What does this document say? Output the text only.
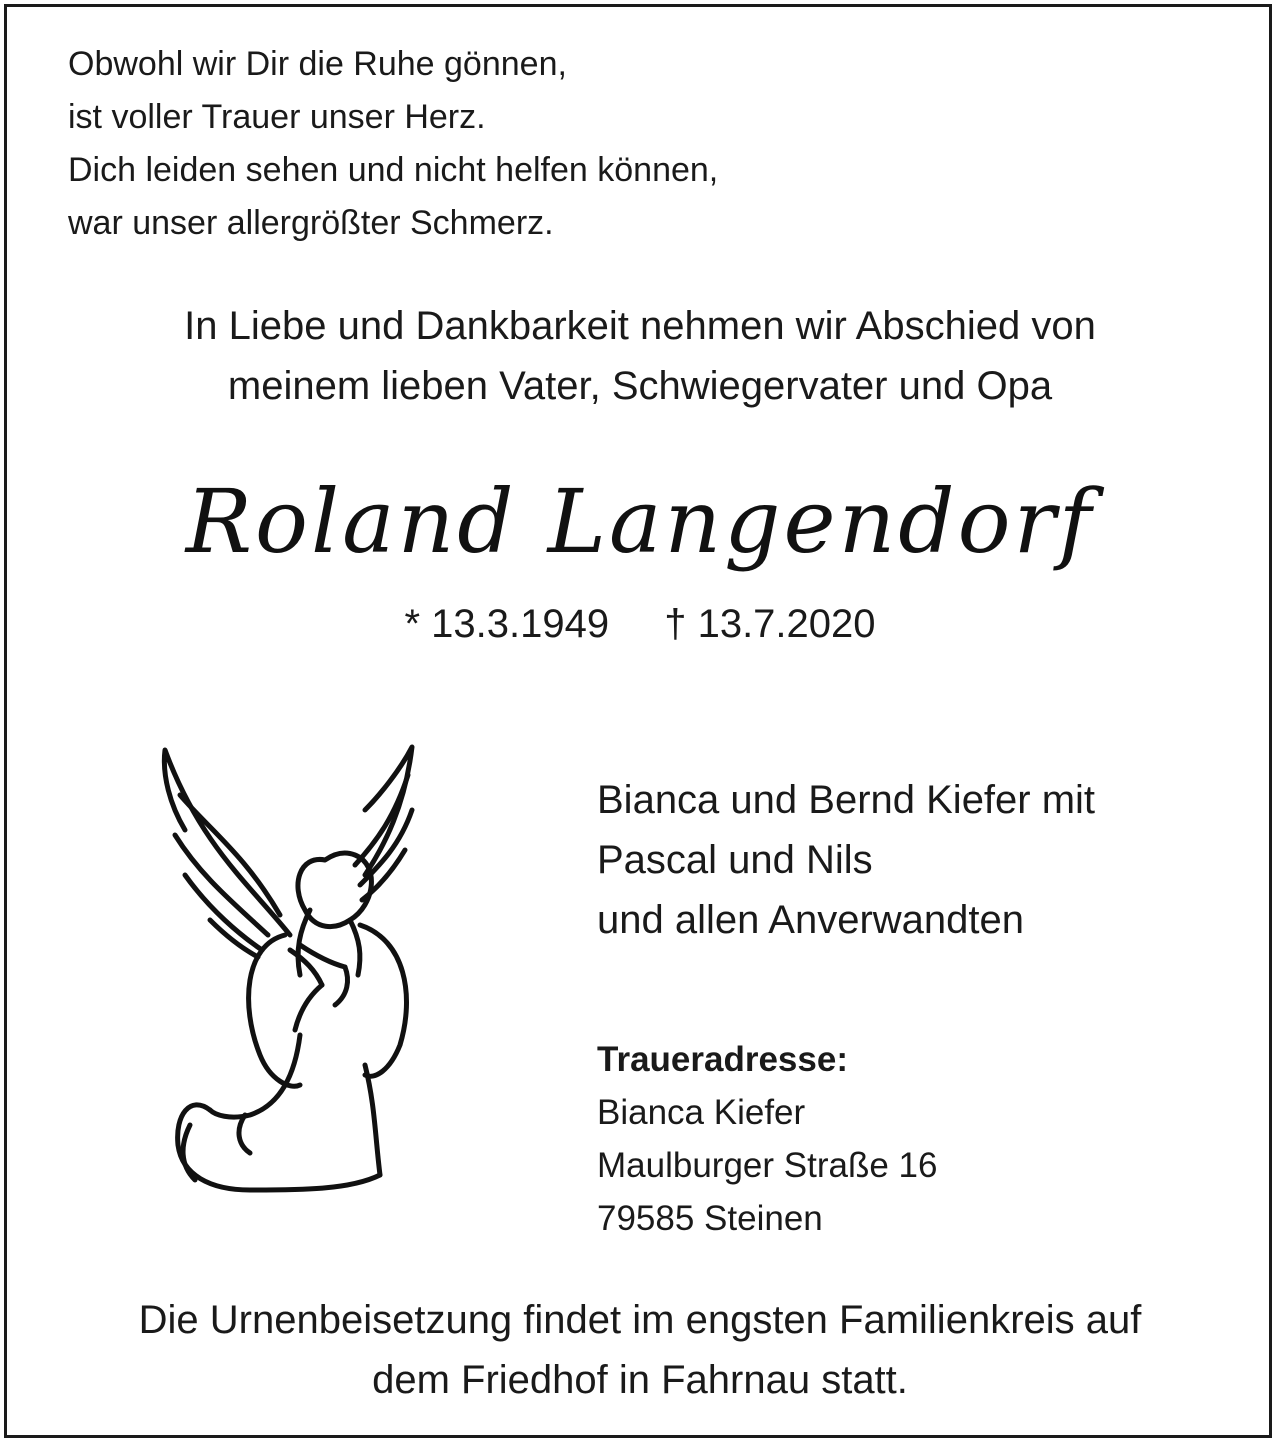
Obwohl wir Dir die Ruhe gönnen,
ist voller Trauer unser Herz.
Dich leiden sehen und nicht helfen können,
war unser allergrößter Schmerz.
In Liebe und Dankbarkeit nehmen wir Abschied von
meinem lieben Vater, Schwiegervater und Opa
Roland Langendorf
* 13.3.1949 † 13.7.2020
Bianca und Bernd Kiefer mit
Pascal und Nils
und allen Anverwandten
Traueradresse:
Bianca Kiefer
Maulburger Straße 16
79585 Steinen
Die Urnenbeisetzung findet im engsten Familienkreis auf
dem Friedhof in Fahrnau statt.
